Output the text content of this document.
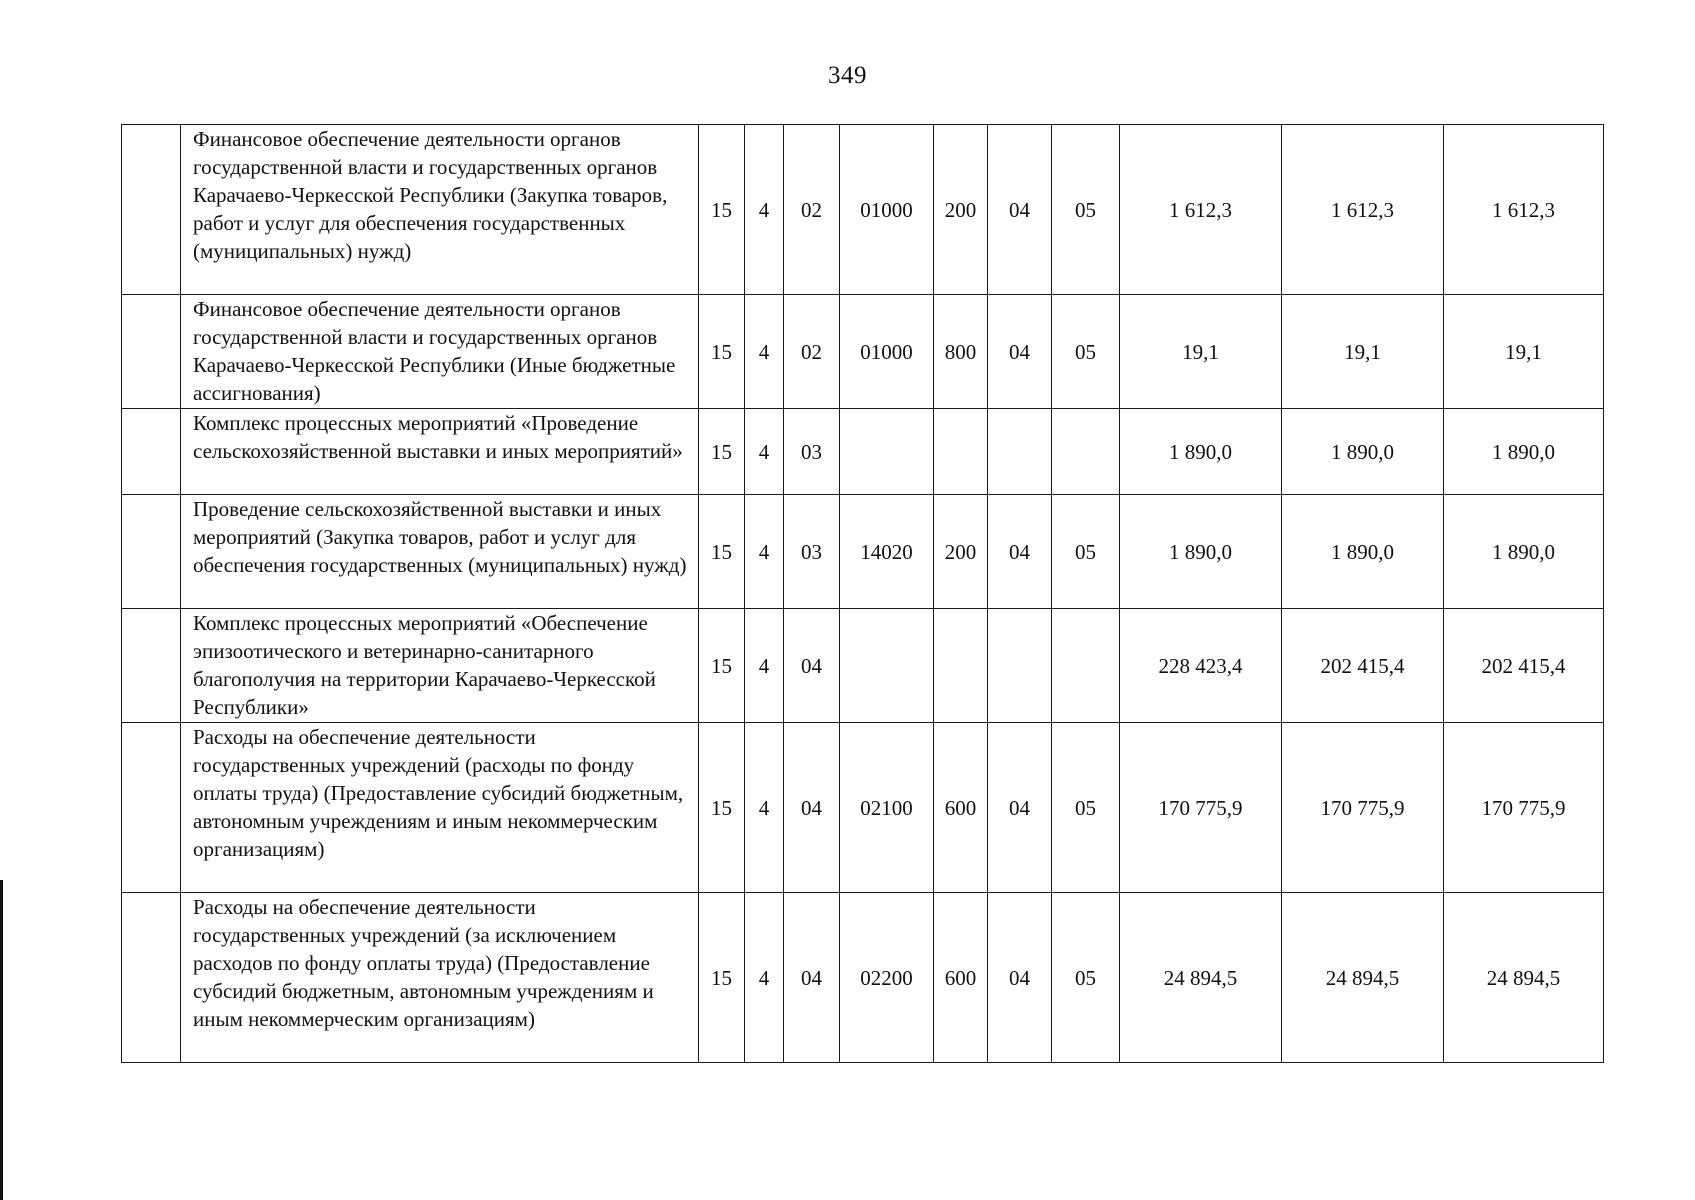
349
	Финансовое обеспечение деятельности органов государственной власти и государственных органов Карачаево-Черкесской Республики (Закупка товаров, работ и услуг для обеспечения государственных (муниципальных) нужд)	15	4	02	01000	200	04	05	1 612,3	1 612,3	1 612,3
	Финансовое обеспечение деятельности органов государственной власти и государственных органов Карачаево-Черкесской Республики (Иные бюджетные ассигнования)	15	4	02	01000	800	04	05	19,1	19,1	19,1
	Комплекс процессных мероприятий «Проведение сельскохозяйственной выставки и иных мероприятий»	15	4	03					1 890,0	1 890,0	1 890,0
	Проведение сельскохозяйственной выставки и иных мероприятий (Закупка товаров, работ и услуг для обеспечения государственных (муниципальных) нужд)	15	4	03	14020	200	04	05	1 890,0	1 890,0	1 890,0
	Комплекс процессных мероприятий «Обеспечение эпизоотического и ветеринарно-санитарного благополучия на территории Карачаево-Черкесской Республики»	15	4	04					228 423,4	202 415,4	202 415,4
	Расходы на обеспечение деятельности государственных учреждений (расходы по фонду оплаты труда) (Предоставление субсидий бюджетным, автономным учреждениям и иным некоммерческим организациям)	15	4	04	02100	600	04	05	170 775,9	170 775,9	170 775,9
	Расходы на обеспечение деятельности государственных учреждений (за исключением расходов по фонду оплаты труда) (Предоставление субсидий бюджетным, автономным учреждениям и иным некоммерческим организациям)	15	4	04	02200	600	04	05	24 894,5	24 894,5	24 894,5
